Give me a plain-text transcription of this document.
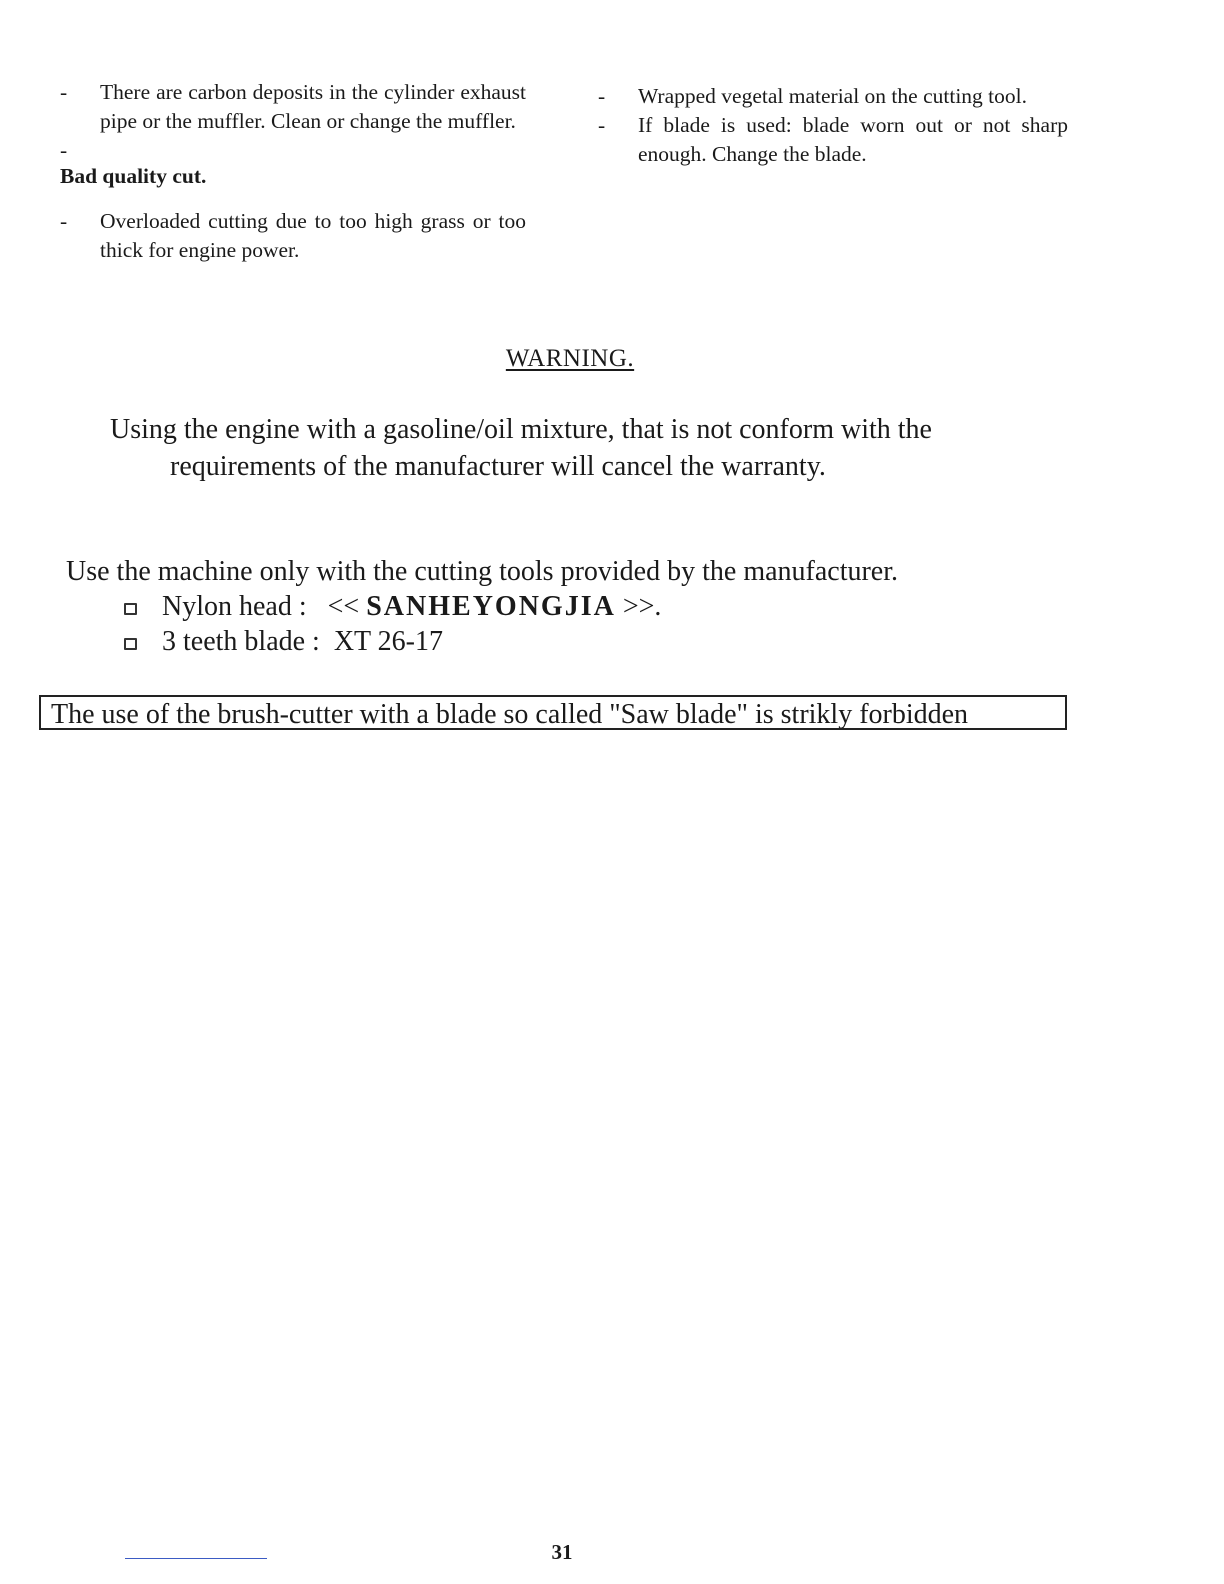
- There are carbon deposits in the cylinder exhaust pipe or the muffler. Clean or change the muffler.
-

Bad quality cut.

- Overloaded cutting due to too high grass or too thick for engine power.
- Wrapped vegetal material on the cutting tool.
- If blade is used: blade worn out or not sharp enough. Change the blade.
WARNING.
Using the engine with a gasoline/oil mixture, that is not conform with the
requirements of the manufacturer will cancel the warranty.
Use the machine only with the cutting tools provided by the manufacturer.
Nylon head : << SANHEYONGJIA >>.
3 teeth blade : XT 26-17
The use of the brush-cutter with a blade so called "Saw blade" is strikly forbidden
31
